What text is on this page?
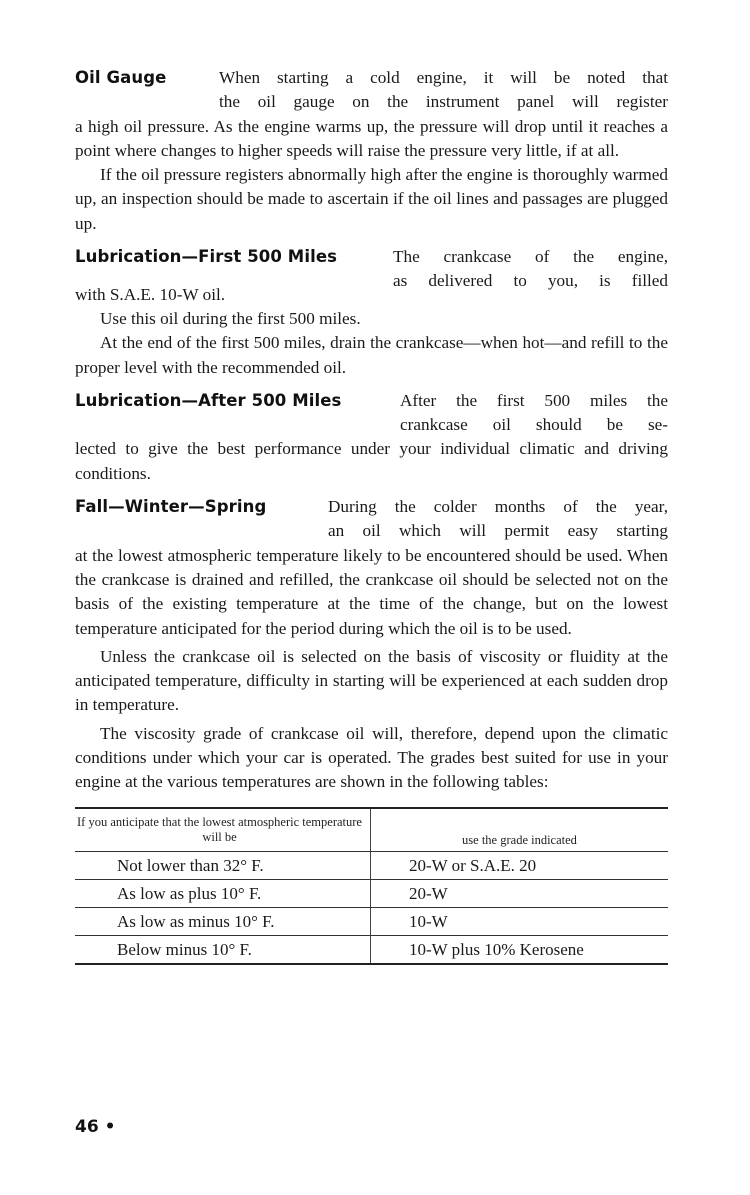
Oil Gauge	When starting a cold engine, it will be noted that

the oil gauge on the instrument panel will register

a high oil pressure. As the engine warms up, the pressure will drop until it reaches a point where changes to higher speeds will raise the pressure very little, if at all.

If the oil pressure registers abnormally high after the engine is thoroughly warmed up, an inspection should be made to ascertain if the oil lines and passages are plugged up.

Lubrication—First 500 Miles	The crankcase of the engine,

as delivered to you, is filled

with S.A.E. 10-W oil.

Use this oil during the first 500 miles.

At the end of the first 500 miles, drain the crankcase—when hot—and refill to the proper level with the recommended oil.

Lubrication—After 500 Miles	After the first 500 miles the

crankcase oil should be se-

lected to give the best performance under your individual climatic and driving conditions.

Fall—Winter—Spring	During the colder months of the year,

an oil which will permit easy starting

at the lowest atmospheric temperature likely to be encountered should be used. When the crankcase is drained and refilled, the crankcase oil should be selected not on the basis of the existing temperature at the time of the change, but on the lowest temperature anticipated for the period during which the oil is to be used.

Unless the crankcase oil is selected on the basis of viscosity or fluidity at the anticipated temperature, difficulty in starting will be experienced at each sudden drop in temperature.

The viscosity grade of crankcase oil will, therefore, depend upon the climatic conditions under which your car is operated. The grades best suited for use in your engine at the various temperatures are shown in the following tables:

If you anticipate that the lowest atmospheric temperature will be	use the grade indicated
Not lower than 32° F.	20-W or S.A.E. 20
As low as plus 10° F.	20-W
As low as minus 10° F.	10-W
Below minus 10° F.	10-W plus 10% Kerosene
46 •
